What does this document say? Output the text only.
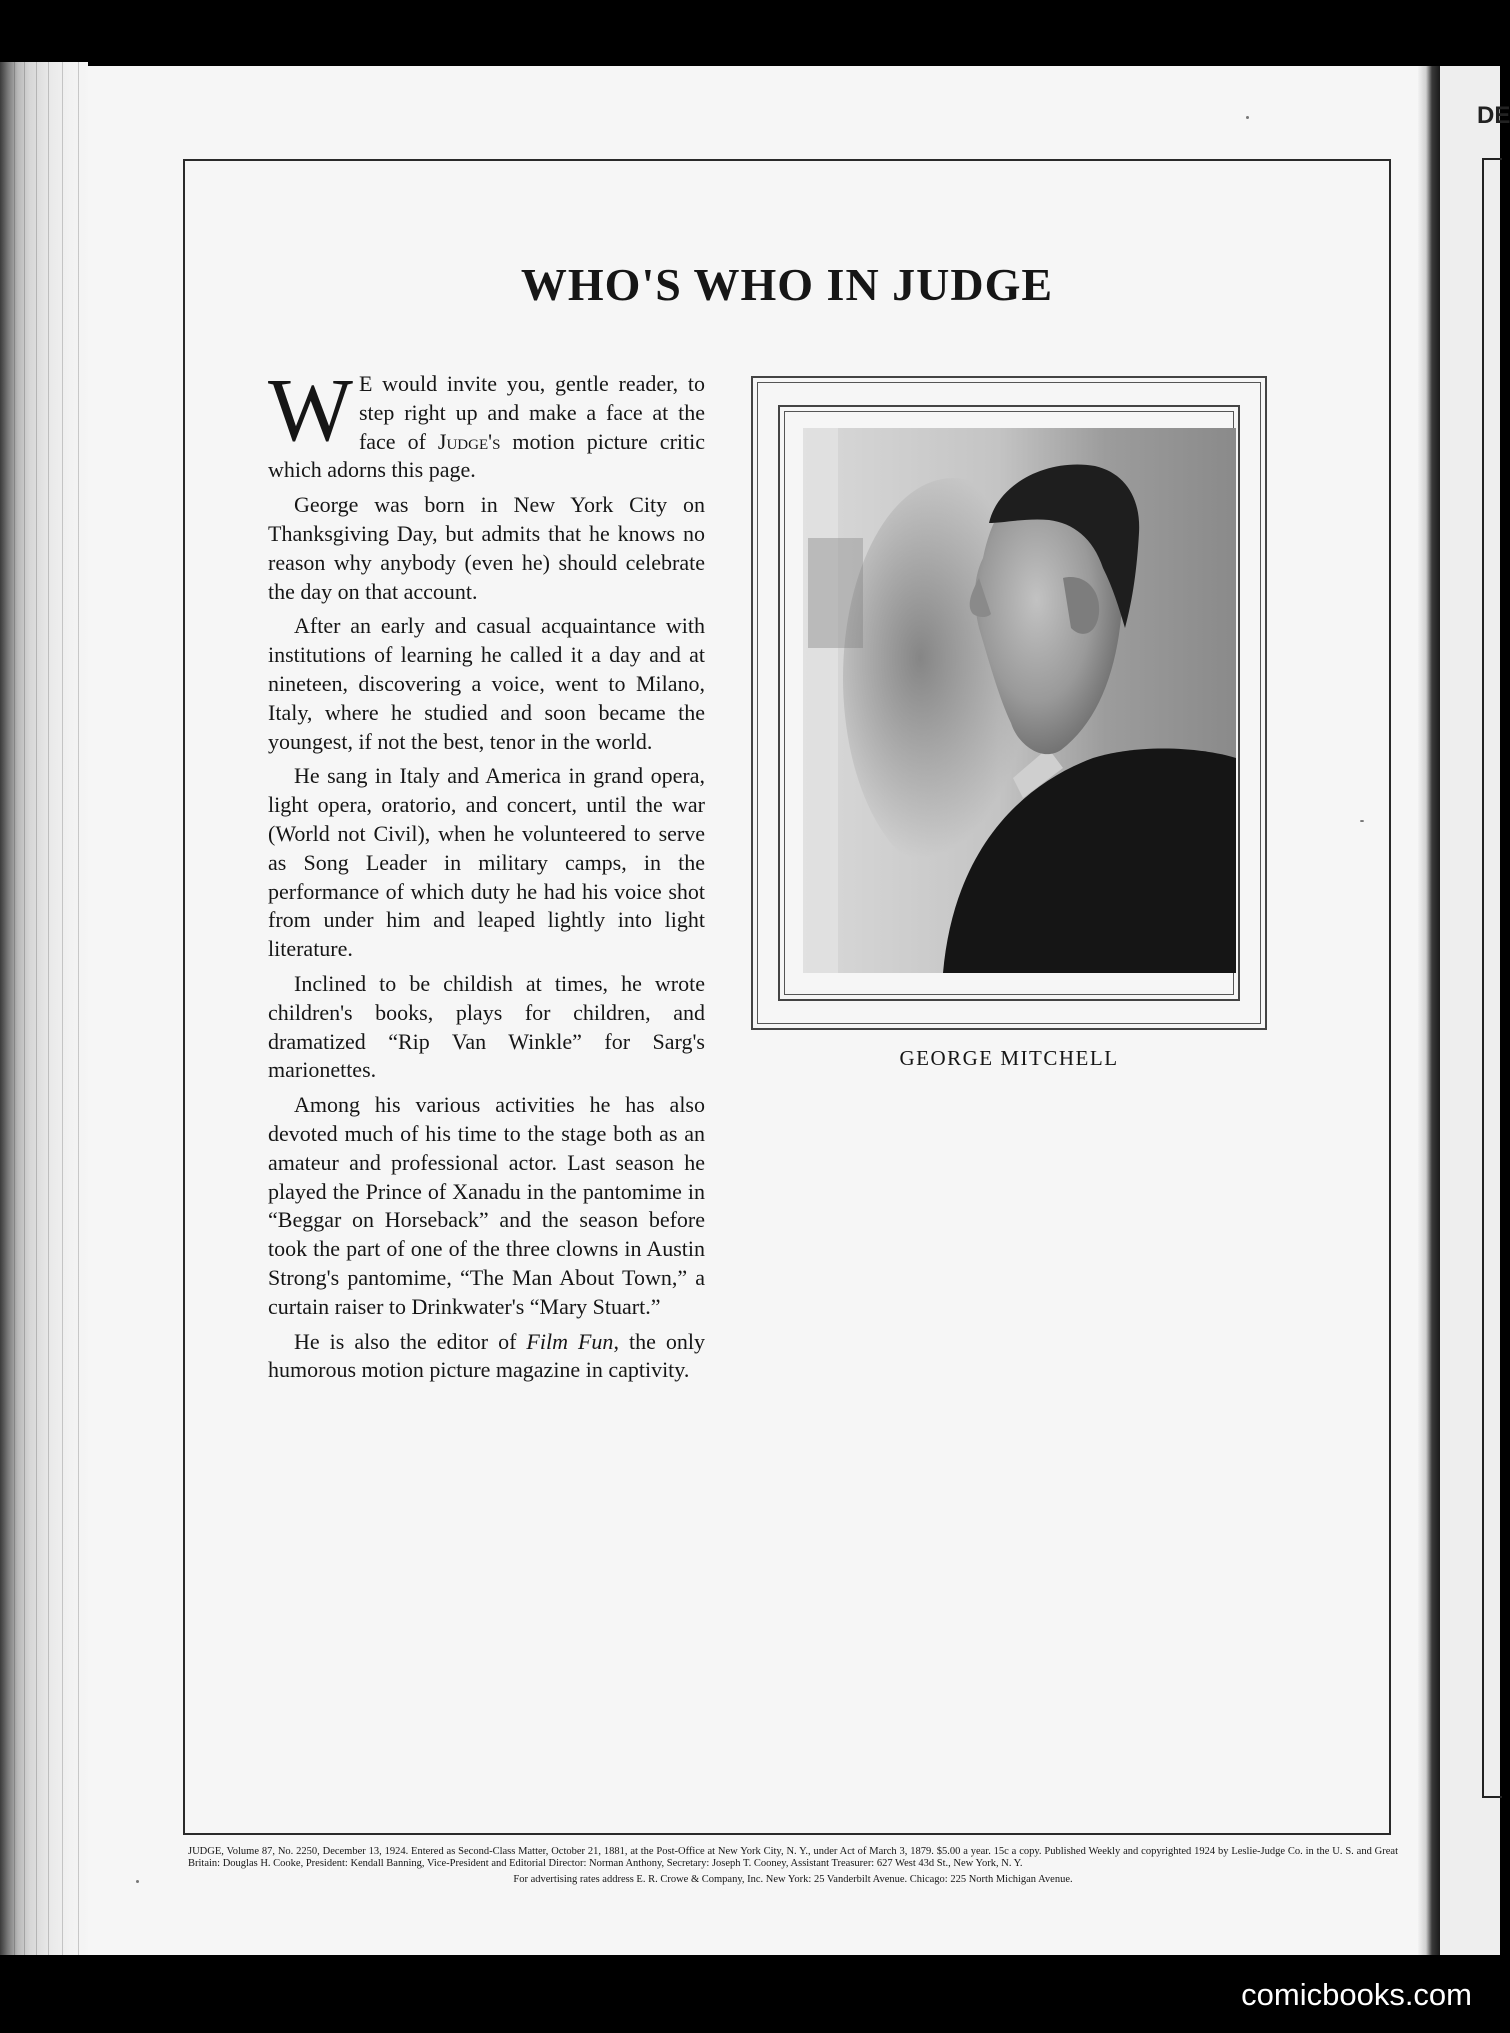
DE
WHO'S WHO IN JUDGE

W E would invite you, gentle reader, to step right up and make a face at the face of Judge's motion picture critic which adorns this page.

George was born in New York City on Thanksgiving Day, but admits that he knows no reason why anybody (even he) should celebrate the day on that account.

After an early and casual acquaintance with institutions of learning he called it a day and at nineteen, discovering a voice, went to Milano, Italy, where he studied and soon became the youngest, if not the best, tenor in the world.

He sang in Italy and America in grand opera, light opera, oratorio, and concert, until the war (World not Civil), when he volunteered to serve as Song Leader in military camps, in the performance of which duty he had his voice shot from under him and leaped lightly into light literature.

Inclined to be childish at times, he wrote children's books, plays for children, and dramatized “Rip Van Winkle” for Sarg's marionettes.

Among his various activities he has also devoted much of his time to the stage both as an amateur and professional actor. Last season he played the Prince of Xanadu in the pantomime in “Beggar on Horseback” and the season before took the part of one of the three clowns in Austin Strong's pantomime, “The Man About Town,” a curtain raiser to Drinkwater's “Mary Stuart.”

He is also the editor of Film Fun, the only humorous motion picture magazine in captivity.

GEORGE MITCHELL
JUDGE, Volume 87, No. 2250, December 13, 1924. Entered as Second-Class Matter, October 21, 1881, at the Post-Office at New York City, N. Y., under Act of March 3, 1879. $5.00 a year. 15c a copy. Published Weekly and copyrighted 1924 by Leslie-Judge Co. in the U. S. and Great Britain: Douglas H. Cooke, President: Kendall Banning, Vice-President and Editorial Director: Norman Anthony, Secretary: Joseph T. Cooney, Assistant Treasurer: 627 West 43d St., New York, N. Y.
For advertising rates address E. R. Crowe & Company, Inc. New York: 25 Vanderbilt Avenue. Chicago: 225 North Michigan Avenue.
comicbooks.com
